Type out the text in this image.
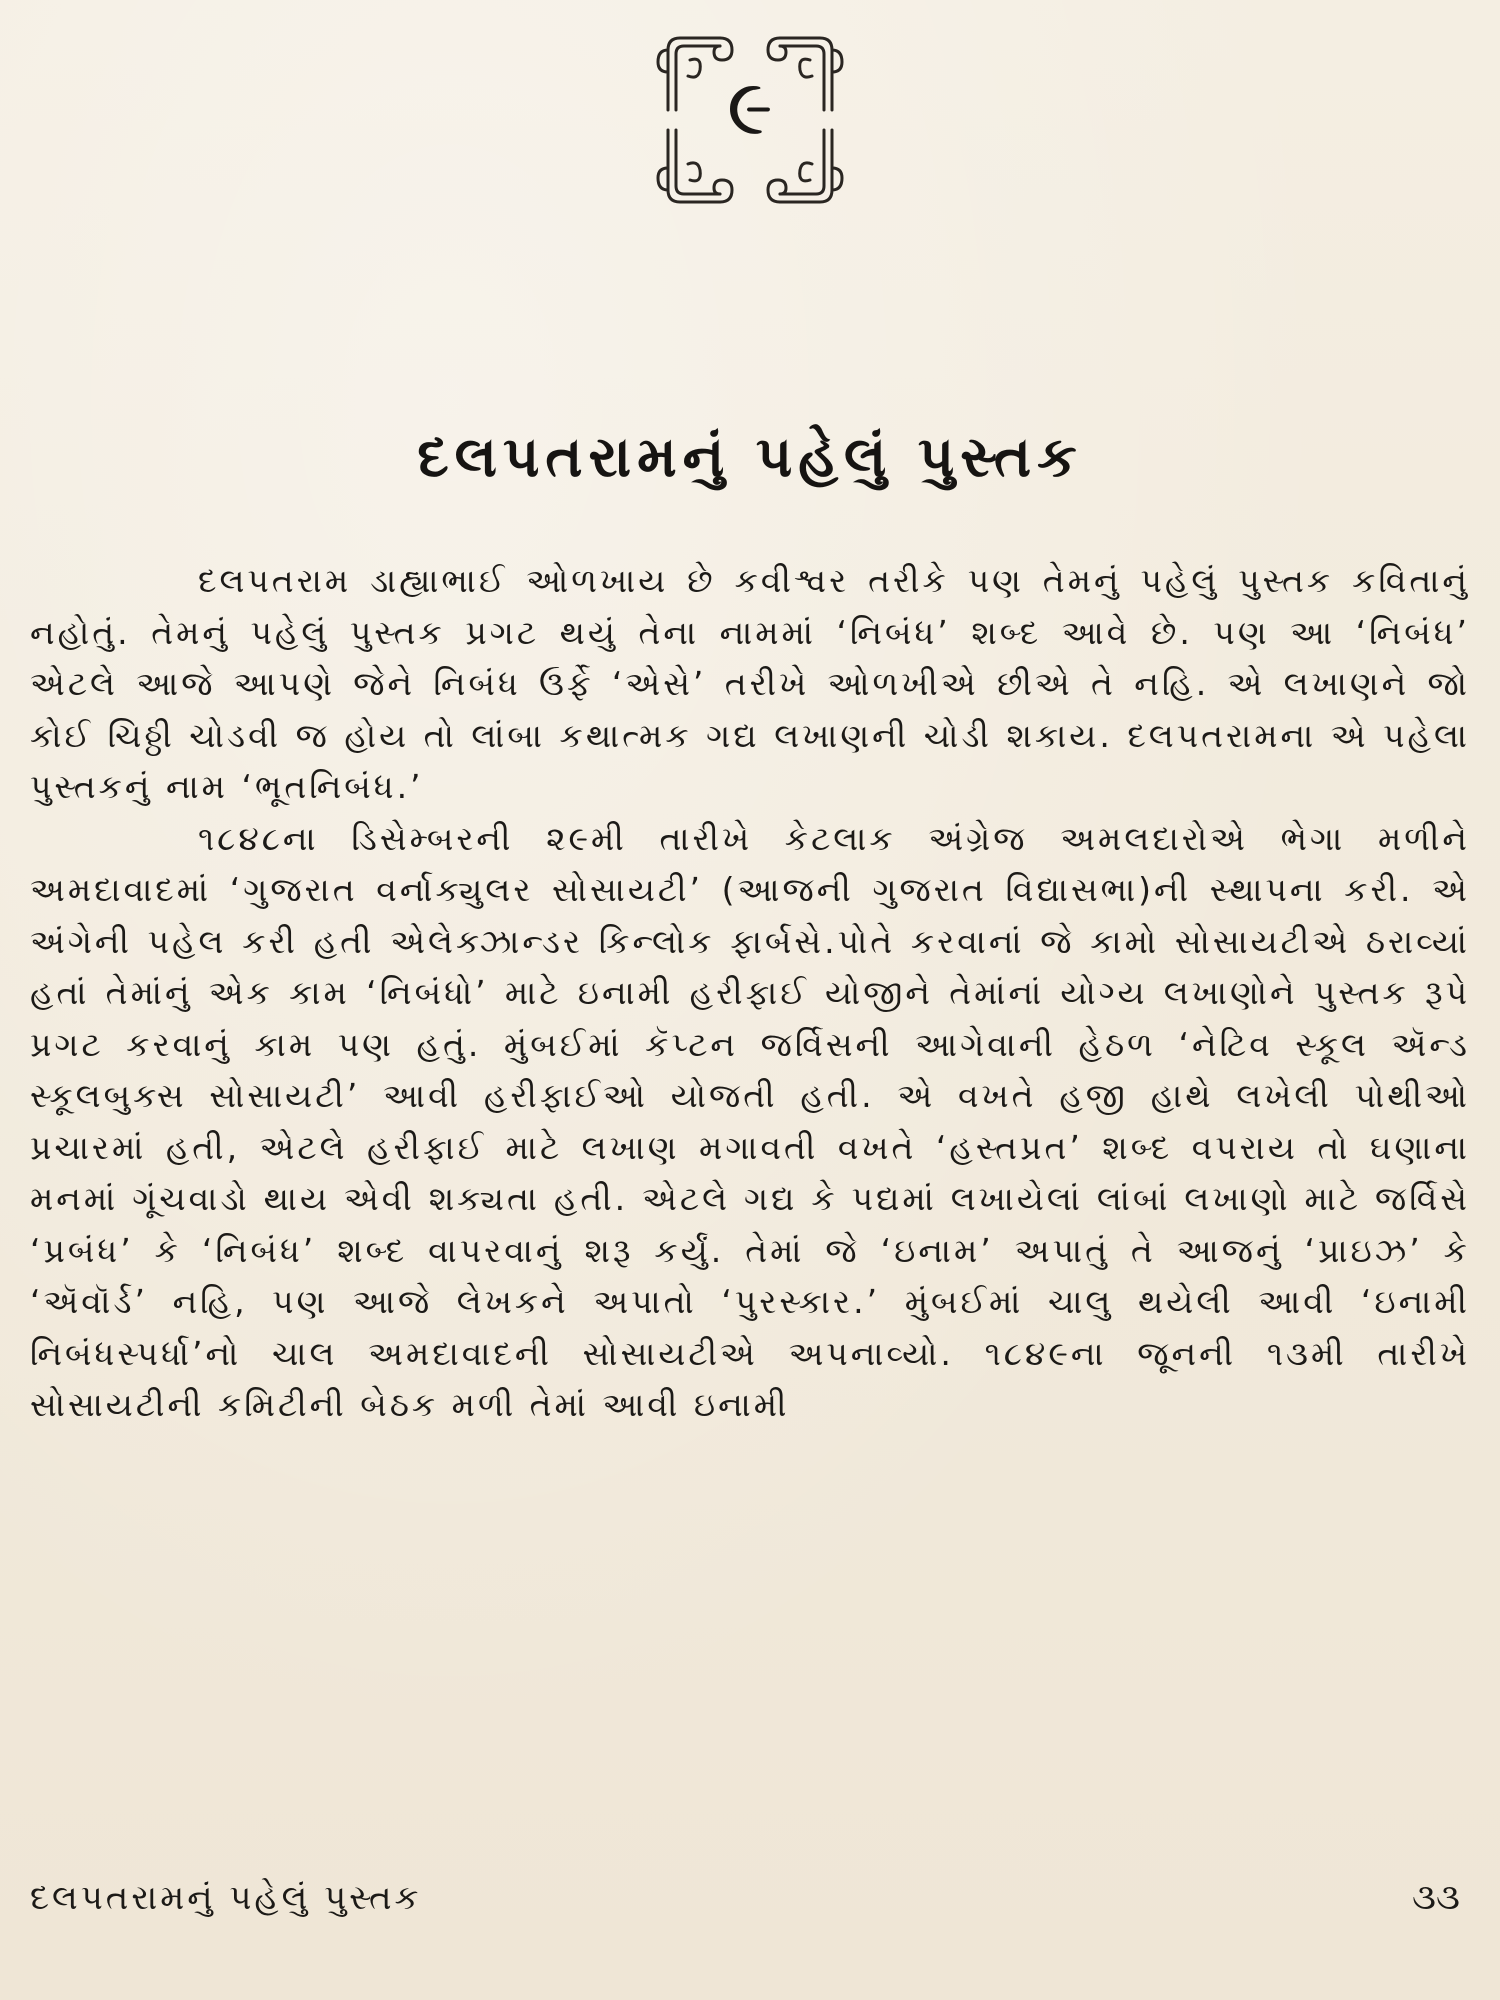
૯
દલપતરામનું પહેલું પુસ્તક

દલપતરામ ડાહ્યાભાઈ ઓળખાય છે કવીશ્વર તરીકે પણ તેમનું પહેલું પુસ્તક કવિતાનું નહોતું. તેમનું પહેલું પુસ્તક પ્રગટ થયું તેના નામમાં ‘નિબંધ’ શબ્દ આવે છે. પણ આ ‘નિબંધ’ એટલે આજે આપણે જેને નિબંધ ઉર્ફે ‘એસે’ તરીખે ઓળખીએ છીએ તે નહિ. એ લખાણને જો કોઈ ચિઠ્ઠી ચોડવી જ હોય તો લાંબા કથાત્મક ગદ્ય લખાણની ચોડી શકાય. દલપતરામના એ પહેલા પુસ્તકનું નામ ‘ભૂતનિબંધ.’

૧૮૪૮ના ડિસેમ્બરની ૨૯મી તારીખે કેટલાક અંગ્રેજ અમલદારોએ ભેગા મળીને અમદાવાદમાં ‘ગુજરાત વર્નાક્યુલર સોસાયટી’ (આજની ગુજરાત વિદ્યાસભા)ની સ્થાપના કરી. એ અંગેની પહેલ કરી હતી એલેક્ઝાન્ડર કિન્લોક ફાર્બસે.પોતે કરવાનાં જે કામો સોસાયટીએ ઠરાવ્યાં હતાં તેમાંનું એક કામ ‘નિબંધો’ માટે ઇનામી હરીફાઈ યોજીને તેમાંનાં યોગ્ય લખાણોને પુસ્તક રૂપે પ્રગટ કરવાનું કામ પણ હતું. મુંબઈમાં કૅપ્ટન જર્વિસની આગેવાની હેઠળ ‘નેટિવ સ્કૂલ ઍન્ડ સ્કૂલબુક્સ સોસાયટી’ આવી હરીફાઈઓ યોજતી હતી. એ વખતે હજી હાથે લખેલી પોથીઓ પ્રચારમાં હતી, એટલે હરીફાઈ માટે લખાણ મગાવતી વખતે ‘હસ્તપ્રત’ શબ્દ વપરાય તો ઘણાના મનમાં ગૂંચવાડો થાય એવી શક્યતા હતી. એટલે ગદ્ય કે પદ્યમાં લખાયેલાં લાંબાં લખાણો માટે જર્વિસે ‘પ્રબંધ’ કે ‘નિબંધ’ શબ્દ વાપરવાનું શરૂ કર્યું. તેમાં જે ‘ઇનામ’ અપાતું તે આજનું ‘પ્રાઇઝ’ કે ‘ઍવૉર્ડ’ નહિ, પણ આજે લેખકને અપાતો ‘પુરસ્કાર.’ મુંબઈમાં ચાલુ થયેલી આવી ‘ઇનામી નિબંધસ્પર્ધા’નો ચાલ અમદાવાદની સોસાયટીએ અપનાવ્યો. ૧૮૪૯ના જૂનની ૧૩મી તારીખે સોસાયટીની કમિટીની બેઠક મળી તેમાં આવી ઇનામી

દલપતરામનું પહેલું પુસ્તક	૩૩
